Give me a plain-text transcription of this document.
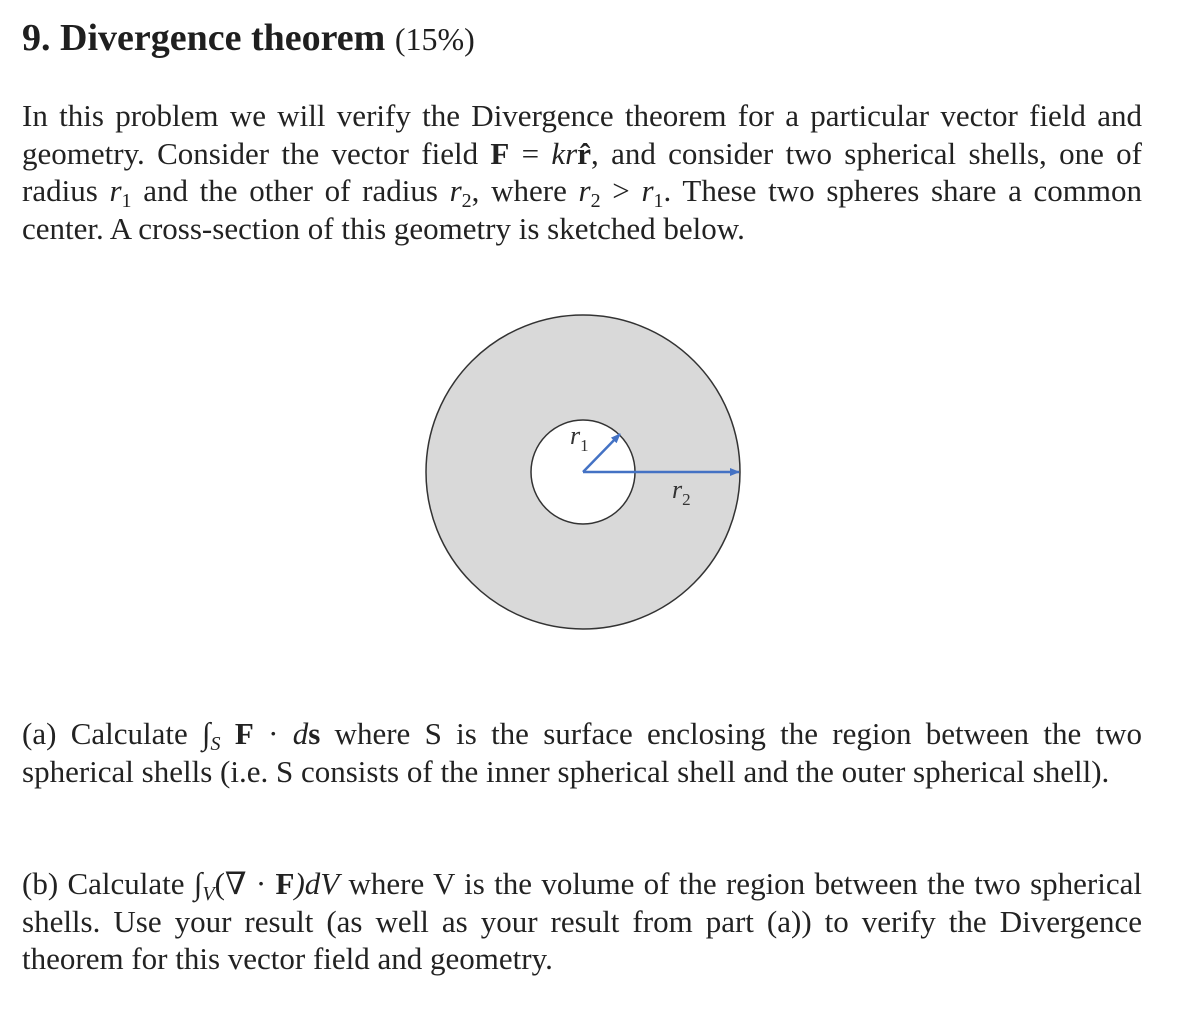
9. Divergence theorem (15%)

In this problem we will verify the Divergence theorem for a particular vector field and geometry. Consider the vector field F = krr̂, and consider two spherical shells, one of radius $r_1$ and the other of radius $r_2$, where $r_2 > r_1$. These two spheres share a common center. A cross-section of this geometry is sketched below.

$r_1$
$r_2$

(a) Calculate $\int_S$ F · ds where S is the surface enclosing the region between the two spherical shells (i.e. S consists of the inner spherical shell and the outer spherical shell).

(b) Calculate $\int_V(\nabla \cdot F)dV$ where V is the volume of the region between the two spherical shells. Use your result (as well as your result from part (a)) to verify the Divergence theorem for this vector field and geometry.
